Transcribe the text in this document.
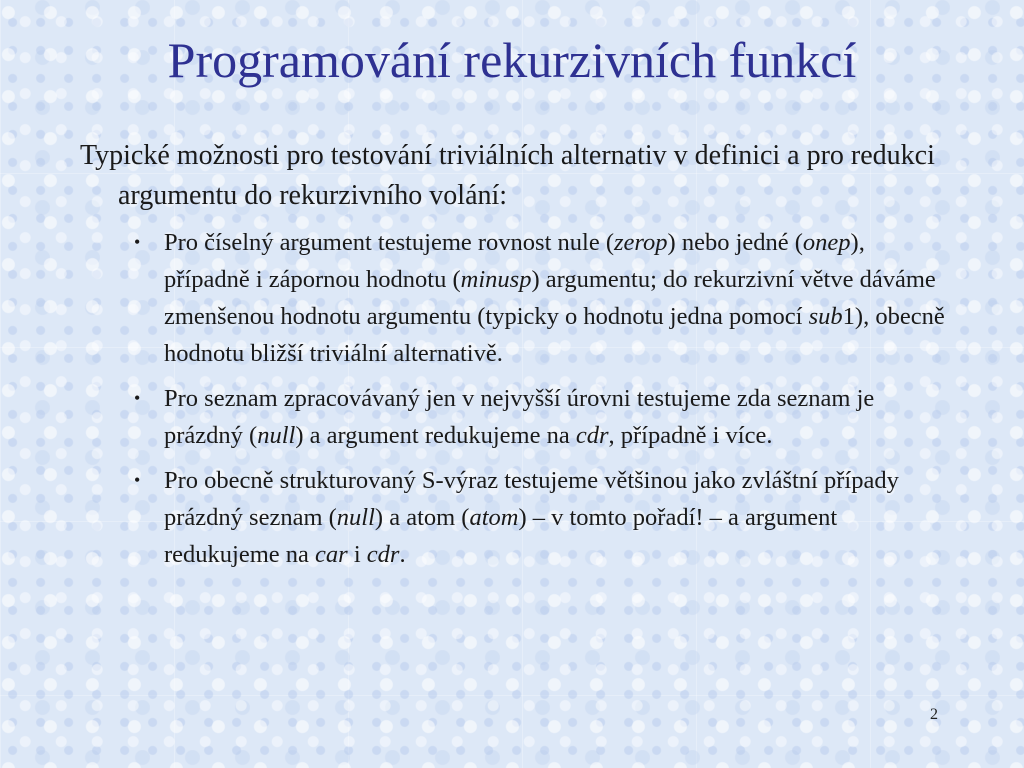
Programování rekurzivních funkcí
Typické možnosti pro testování triviálních alternativ v definici a pro redukci argumentu do rekurzivního volání:
• Pro číselný argument testujeme rovnost nule (zerop) nebo jedné (onep), případně i zápornou hodnotu (minusp) argumentu; do rekurzivní větve dáváme zmenšenou hodnotu argumentu (typicky o hodnotu jedna pomocí sub1), obecně hodnotu bližší triviální alternativě.
• Pro seznam zpracovávaný jen v nejvyšší úrovni testujeme zda seznam je prázdný (null) a argument redukujeme na cdr, případně i více.
• Pro obecně strukturovaný S-výraz testujeme většinou jako zvláštní případy prázdný seznam (null) a atom (atom) – v tomto pořadí! – a argument redukujeme na car i cdr.
2
